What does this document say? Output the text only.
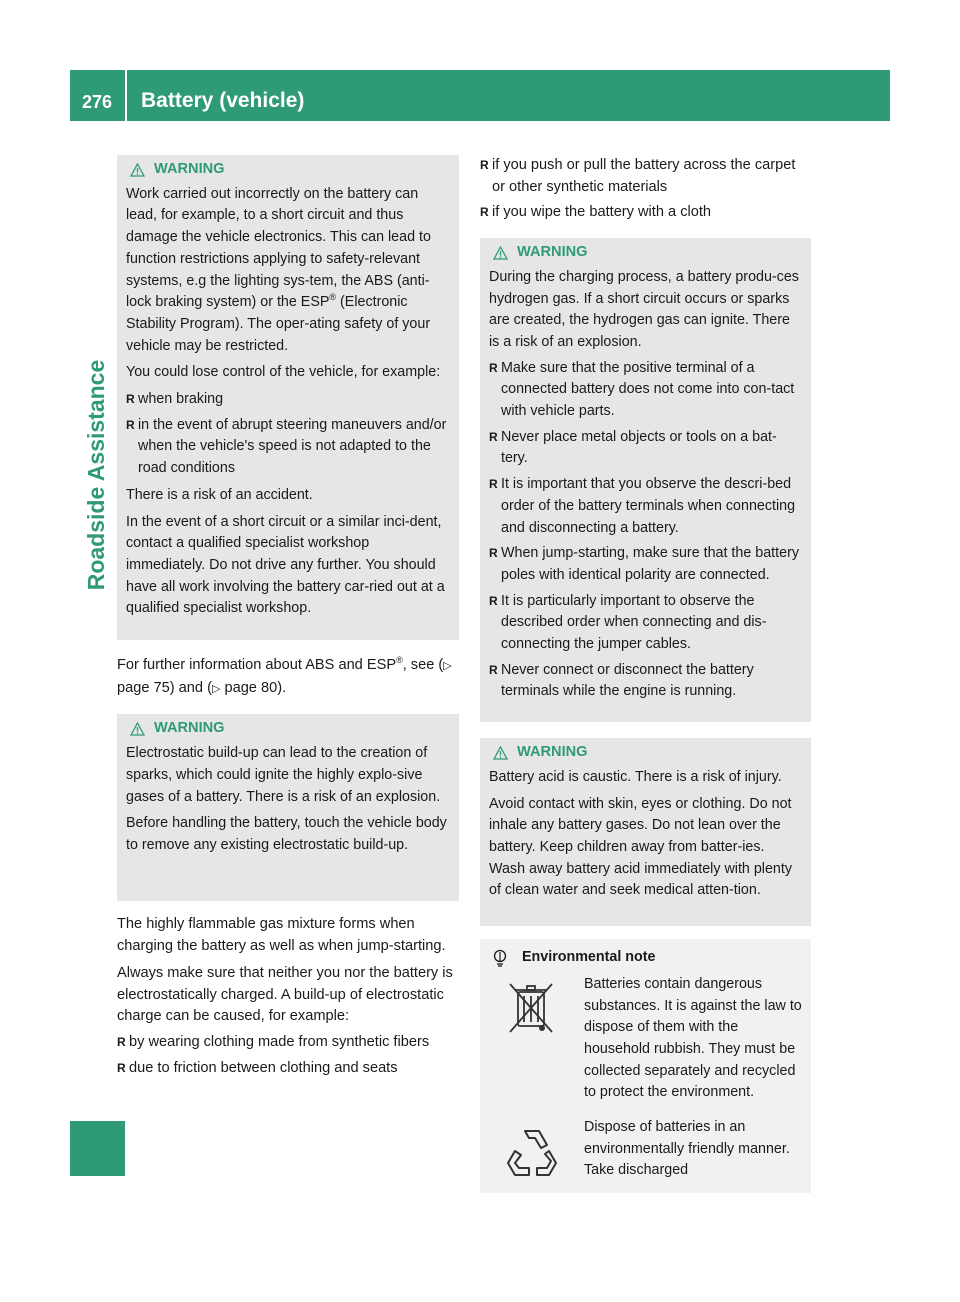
276 Battery (vehicle)
Roadside Assistance
WARNING

Work carried out incorrectly on the battery can lead, for example, to a short circuit and thus damage the vehicle electronics. This can lead to function restrictions applying to safety-relevant systems, e.g the lighting sys-tem, the ABS (anti-lock braking system) or the ESP® (Electronic Stability Program). The oper-ating safety of your vehicle may be restricted.

You could lose control of the vehicle, for example:

R when braking
R in the event of abrupt steering maneuvers and/or when the vehicle's speed is not adapted to the road conditions

There is a risk of an accident.

In the event of a short circuit or a similar inci-dent, contact a qualified specialist workshop immediately. Do not drive any further. You should have all work involving the battery car-ried out at a qualified specialist workshop.

For further information about ABS and ESP®, see (▷ page 75) and (▷ page 80).

WARNING

Electrostatic build-up can lead to the creation of sparks, which could ignite the highly explo-sive gases of a battery. There is a risk of an explosion.

Before handling the battery, touch the vehicle body to remove any existing electrostatic build-up.

The highly flammable gas mixture forms when charging the battery as well as when jump-starting.

Always make sure that neither you nor the battery is electrostatically charged. A build-up of electrostatic charge can be caused, for example:

R by wearing clothing made from synthetic fibers
R due to friction between clothing and seats
R if you push or pull the battery across the carpet or other synthetic materials
R if you wipe the battery with a cloth
WARNING

During the charging process, a battery produ-ces hydrogen gas. If a short circuit occurs or sparks are created, the hydrogen gas can ignite. There is a risk of an explosion.

R Make sure that the positive terminal of a connected battery does not come into con-tact with vehicle parts.
R Never place metal objects or tools on a bat-tery.
R It is important that you observe the descri-bed order of the battery terminals when connecting and disconnecting a battery.
R When jump-starting, make sure that the battery poles with identical polarity are connected.
R It is particularly important to observe the described order when connecting and dis-connecting the jumper cables.
R Never connect or disconnect the battery terminals while the engine is running.
WARNING

Battery acid is caustic. There is a risk of injury.

Avoid contact with skin, eyes or clothing. Do not inhale any battery gases. Do not lean over the battery. Keep children away from batter-ies. Wash away battery acid immediately with plenty of clean water and seek medical atten-tion.

Environmental note
Batteries contain dangerous substances. It is against the law to dispose of them with the household rubbish. They must be collected separately and recycled to protect the environment.
Dispose of batteries in an environmentally friendly manner. Take discharged
